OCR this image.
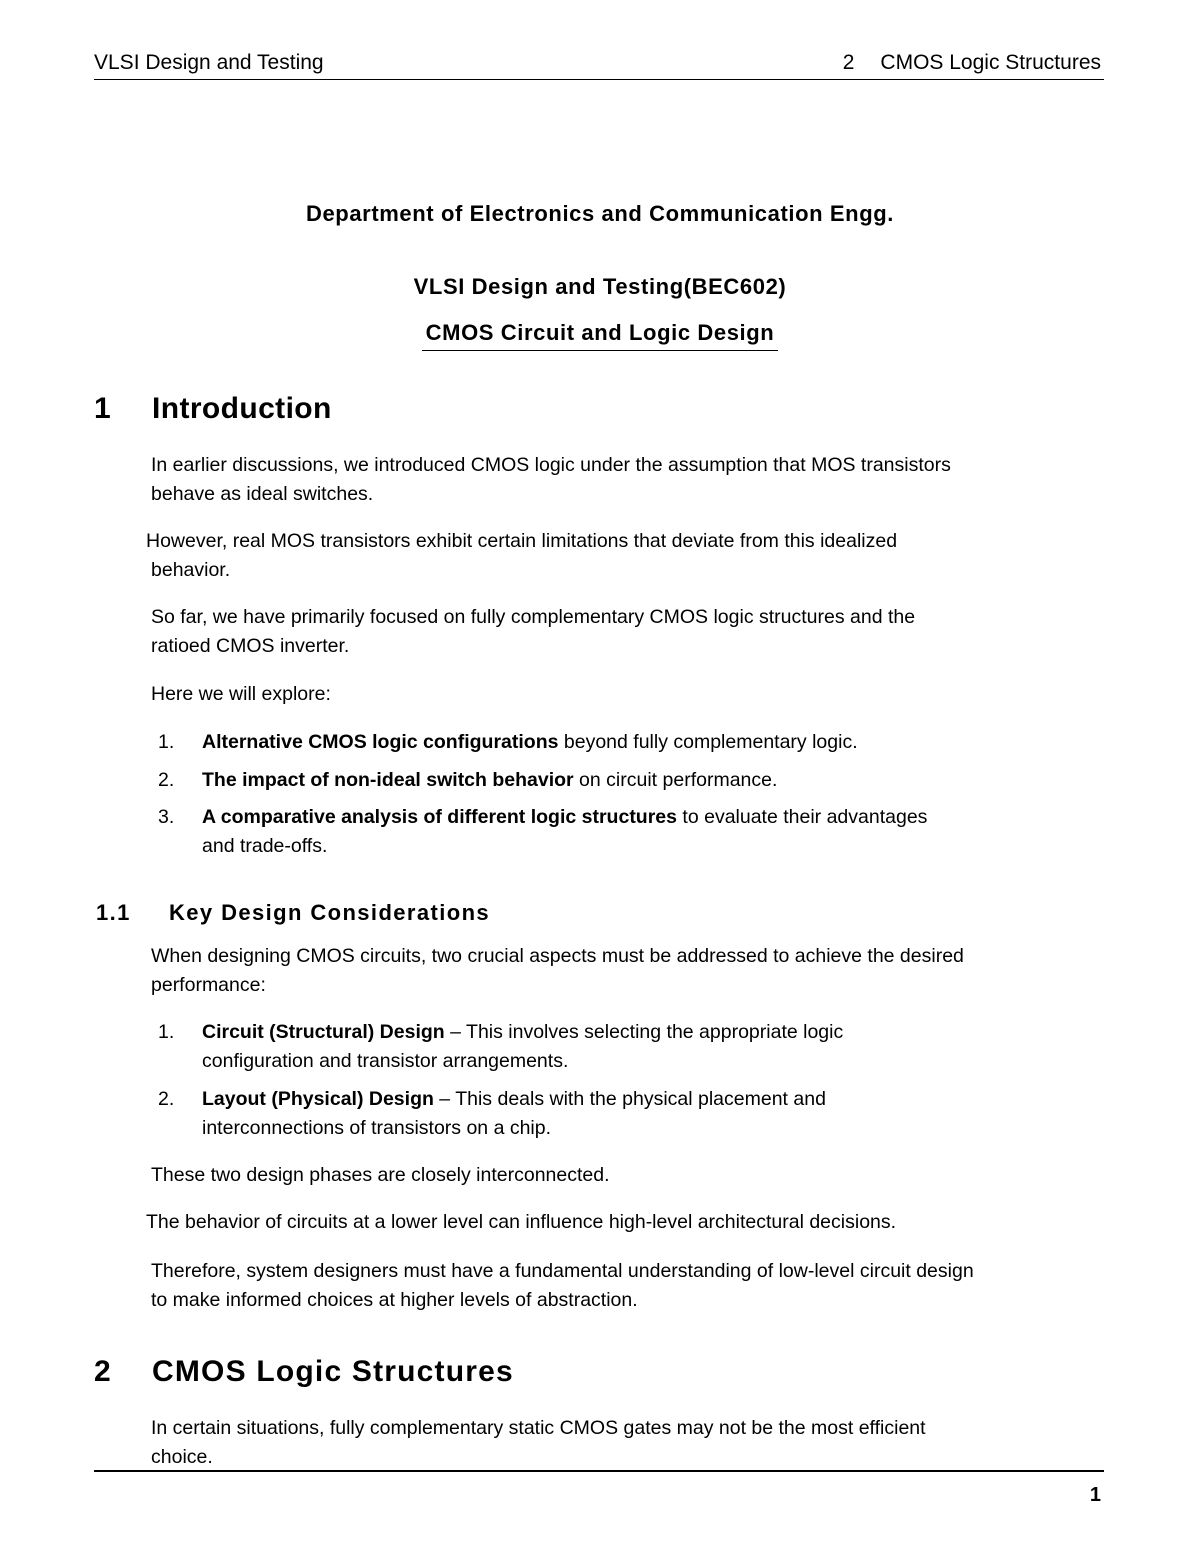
VLSI Design and Testing	2 CMOS Logic Structures
Department of Electronics and Communication Engg.
VLSI Design and Testing(BEC602)
CMOS Circuit and Logic Design
1 Introduction
In earlier discussions, we introduced CMOS logic under the assumption that MOS transistors
behave as ideal switches.
However, real MOS transistors exhibit certain limitations that deviate from this idealized
behavior.
So far, we have primarily focused on fully complementary CMOS logic structures and the
ratioed CMOS inverter.
Here we will explore:
1. Alternative CMOS logic configurations beyond fully complementary logic.
2. The impact of non-ideal switch behavior on circuit performance.
3. A comparative analysis of different logic structures to evaluate their advantages
and trade-offs.
1.1 Key Design Considerations
When designing CMOS circuits, two crucial aspects must be addressed to achieve the desired
performance:
1. Circuit (Structural) Design – This involves selecting the appropriate logic
configuration and transistor arrangements.
2. Layout (Physical) Design – This deals with the physical placement and
interconnections of transistors on a chip.
These two design phases are closely interconnected.
The behavior of circuits at a lower level can influence high-level architectural decisions.
Therefore, system designers must have a fundamental understanding of low-level circuit design
to make informed choices at higher levels of abstraction.
2 CMOS Logic Structures
In certain situations, fully complementary static CMOS gates may not be the most efficient
choice.
1
